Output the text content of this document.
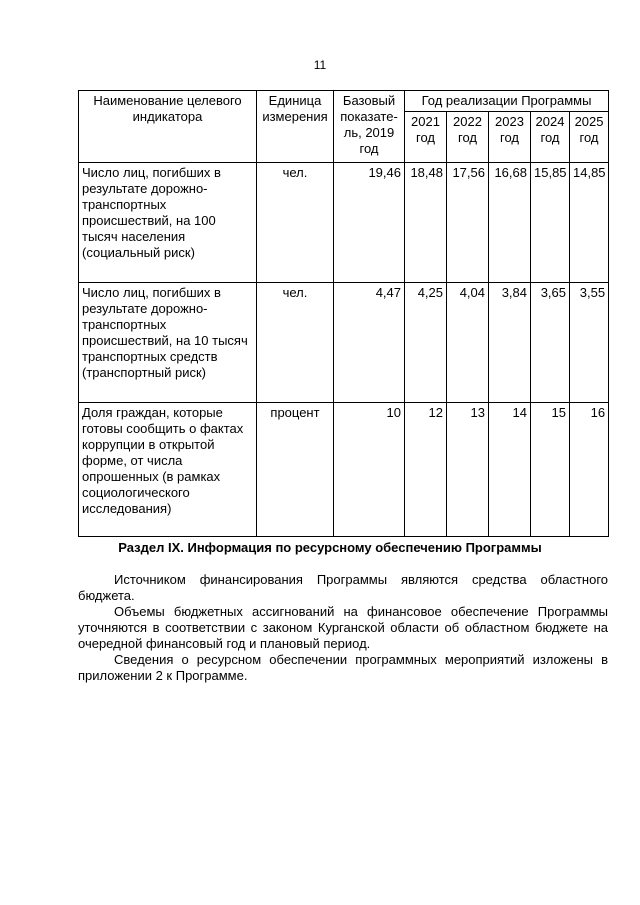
11
Наименование целевого индикатора	Единица измерения	Базовый показате-ль, 2019 год	Год реализации Программы				
			2021 год	2022 год	2023 год	2024 год	2025 год
Число лиц, погибших в результате дорожно-транспортных происшествий, на 100 тысяч населения (социальный риск)	чел.	19,46	18,48	17,56	16,68	15,85	14,85
Число лиц, погибших в результате дорожно-транспортных происшествий, на 10 тысяч транспортных средств (транспортный риск)	чел.	4,47	4,25	4,04	3,84	3,65	3,55
Доля граждан, которые готовы сообщить о фактах коррупции в открытой форме, от числа опрошенных (в рамках социологического исследования)	процент	10	12	13	14	15	16
Раздел IX. Информация по ресурсному обеспечению Программы

Источником финансирования Программы являются средства областного бюджета.

Объемы бюджетных ассигнований на финансовое обеспечение Программы уточняются в соответствии с законом Курганской области об областном бюджете на очередной финансовый год и плановый период.

Сведения о ресурсном обеспечении программных мероприятий изложены в приложении 2 к Программе.
